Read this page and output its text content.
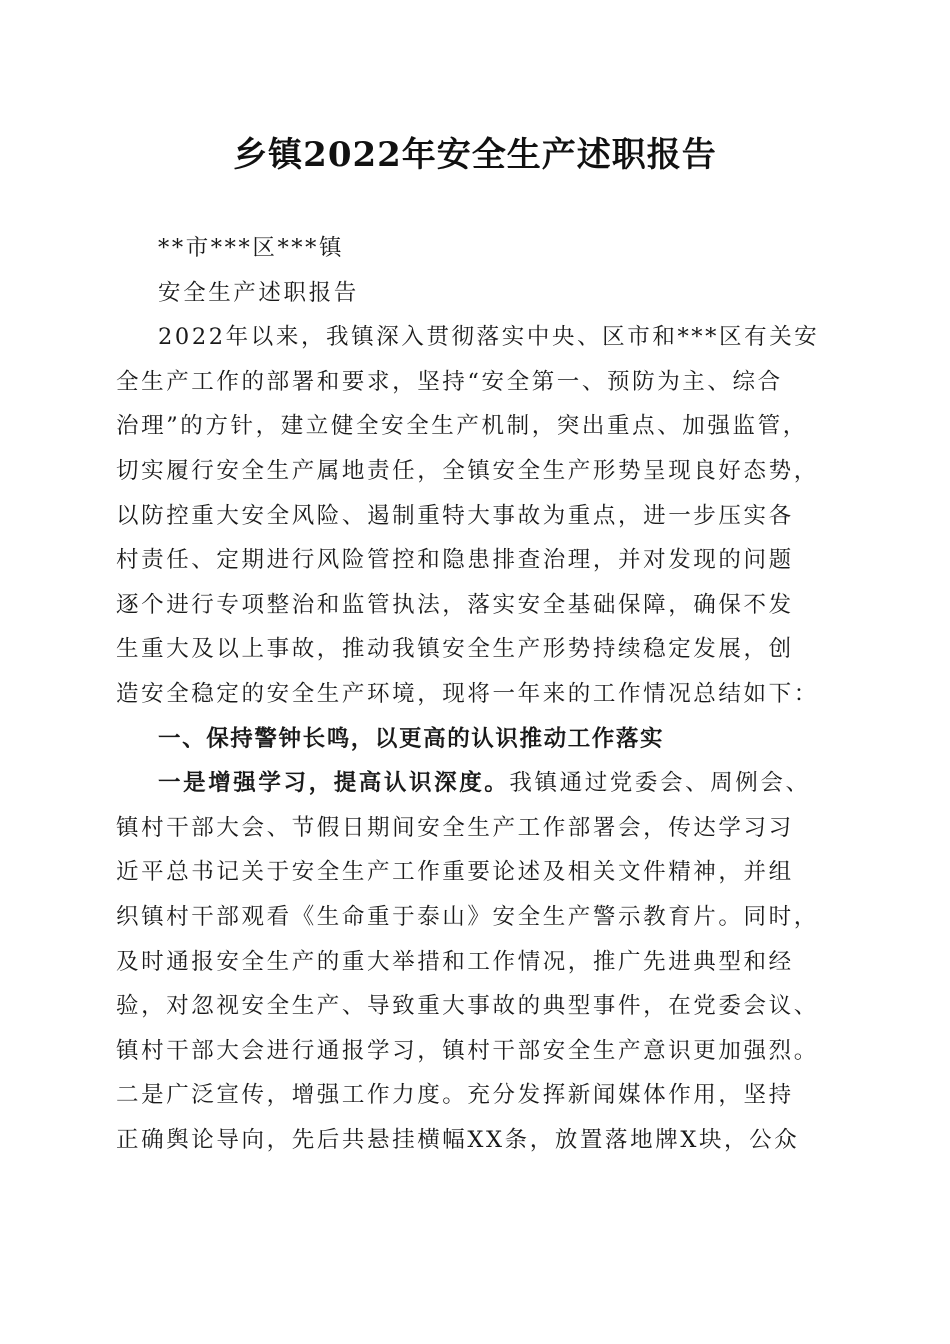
乡镇2022年安全生产述职报告
**市***区***镇
安全生产述职报告
2022年以来，我镇深入贯彻落实中央、区市和***区有关安
全生产工作的部署和要求，坚持“安全第一、预防为主、综合
治理”的方针，建立健全安全生产机制，突出重点、加强监管，
切实履行安全生产属地责任，全镇安全生产形势呈现良好态势，
以防控重大安全风险、遏制重特大事故为重点，进一步压实各
村责任、定期进行风险管控和隐患排查治理，并对发现的问题
逐个进行专项整治和监管执法，落实安全基础保障，确保不发
生重大及以上事故，推动我镇安全生产形势持续稳定发展，创
造安全稳定的安全生产环境，现将一年来的工作情况总结如下：
一、保持警钟长鸣，以更高的认识推动工作落实
一是增强学习，提高认识深度。我镇通过党委会、周例会、
镇村干部大会、节假日期间安全生产工作部署会，传达学习习
近平总书记关于安全生产工作重要论述及相关文件精神，并组
织镇村干部观看《生命重于泰山》安全生产警示教育片。同时，
及时通报安全生产的重大举措和工作情况，推广先进典型和经
验，对忽视安全生产、导致重大事故的典型事件，在党委会议、
镇村干部大会进行通报学习，镇村干部安全生产意识更加强烈。
二是广泛宣传，增强工作力度。充分发挥新闻媒体作用，坚持
正确舆论导向，先后共悬挂横幅XX条，放置落地牌X块，公众
